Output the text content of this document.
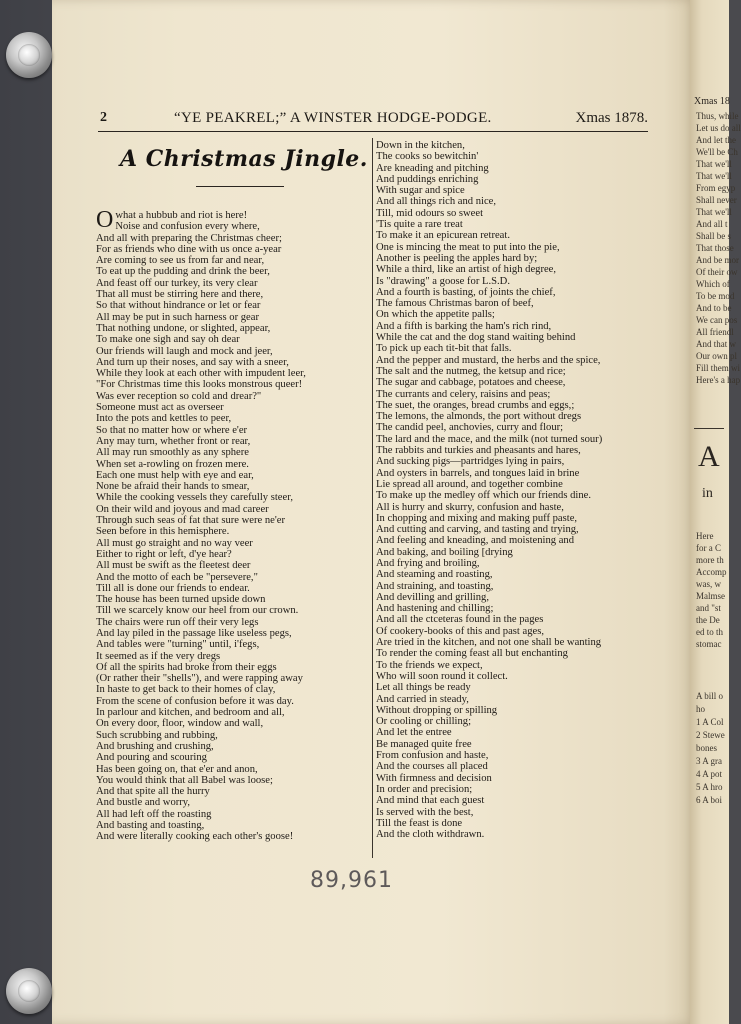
Xmas 18
Thus, while
Let us do all
And let the
We'll be Ch
That we'll
That we'll
From egyp
Shall never
That we'll
And all t
Shall be s
That those
And be mor
Of their ow
Which of
To be mod
And to be
We can pos
All friendl
And that w
Our own pl
Fill them wi
Here's a hap
A
in
Here
for a C
more th
Accomp
was, w
Malmse
and "st
the De
ed to th
stomac
A bill o
ho
1 A Col
2 Stewe
bones
3 A gra
4 A pot
5 A hro
6 A boi
2	“YE PEAKREL;” A WINSTER HODGE-PODGE.	Xmas 1878.
A Christmas Jingle.
O what a hubbub and riot is here!
Noise and confusion every where,
And all with preparing the Christmas cheer;
For as friends who dine with us once a-year
Are coming to see us from far and near,
To eat up the pudding and drink the beer,
And feast off our turkey, its very clear
That all must be stirring here and there,
So that without hindrance or let or fear
All may be put in such harness or gear
That nothing undone, or slighted, appear,
To make one sigh and say oh dear
Our friends will laugh and mock and jeer,
And turn up their noses, and say with a sneer,
While they look at each other with impudent leer,
"For Christmas time this looks monstrous queer!
Was ever reception so cold and drear?"
Someone must act as overseer
Into the pots and kettles to peer,
So that no matter how or where e'er
Any may turn, whether front or rear,
All may run smoothly as any sphere
When set a-rowling on frozen mere.
Each one must help with eye and ear,
None be afraid their hands to smear,
While the cooking vessels they carefully steer,
On their wild and joyous and mad career
Through such seas of fat that sure were ne'er
Seen before in this hemisphere.
All must go straight and no way veer
Either to right or left, d'ye hear?
All must be swift as the fleetest deer
And the motto of each be "persevere,"
Till all is done our friends to endear.
The house has been turned upside down
Till we scarcely know our heel from our crown.
The chairs were run off their very legs
And lay piled in the passage like useless pegs,
And tables were "turning" until, i'fegs,
It seemed as if the very dregs
Of all the spirits had broke from their eggs
(Or rather their "shells"), and were rapping away
In haste to get back to their homes of clay,
From the scene of confusion before it was day.
In parlour and kitchen, and bedroom and all,
On every door, floor, window and wall,
Such scrubbing and rubbing,
And brushing and crushing,
And pouring and scouring
Has been going on, that e'er and anon,
You would think that all Babel was loose;
And that spite all the hurry
And bustle and worry,
All had left off the roasting
And basting and toasting,
And were literally cooking each other's goose!
Down in the kitchen,
The cooks so bewitchin'
Are kneading and pitching
And puddings enriching
With sugar and spice
And all things rich and nice,
Till, mid odours so sweet
'Tis quite a rare treat
To make it an epicurean retreat.
One is mincing the meat to put into the pie,
Another is peeling the apples hard by;
While a third, like an artist of high degree,
Is "drawing" a goose for L.S.D.
And a fourth is basting, of joints the chief,
The famous Christmas baron of beef,
On which the appetite palls;
And a fifth is barking the ham's rich rind,
While the cat and the dog stand waiting behind
To pick up each tit-bit that falls.
And the pepper and mustard, the herbs and the spice,
The salt and the nutmeg, the ketsup and rice;
The sugar and cabbage, potatoes and cheese,
The currants and celery, raisins and peas;
The suet, the oranges, bread crumbs and eggs,;
The lemons, the almonds, the port without dregs
The candid peel, anchovies, curry and flour;
The lard and the mace, and the milk (not turned sour)
The rabbits and turkies and pheasants and hares,
And sucking pigs—partridges lying in pairs,
And oysters in barrels, and tongues laid in brine
Lie spread all around, and together combine
To make up the medley off which our friends dine.
All is hurry and skurry, confusion and haste,
In chopping and mixing and making puff paste,
And cutting and carving, and tasting and trying,
And feeling and kneading, and moistening and
And baking, and boiling [drying
And frying and broiling,
And steaming and roasting,
And straining, and toasting,
And devilling and grilling,
And hastening and chilling;
And all the ctceteras found in the pages
Of cookery-books of this and past ages,
Are tried in the kitchen, and not one shall be wanting
To render the coming feast all but enchanting
To the friends we expect,
Who will soon round it collect.
Let all things be ready
And carried in steady,
Without dropping or spilling
Or cooling or chilling;
And let the entree
Be managed quite free
From confusion and haste,
And the courses all placed
With firmness and decision
In order and precision;
And mind that each guest
Is served with the best,
Till the feast is done
And the cloth withdrawn.
89,961
